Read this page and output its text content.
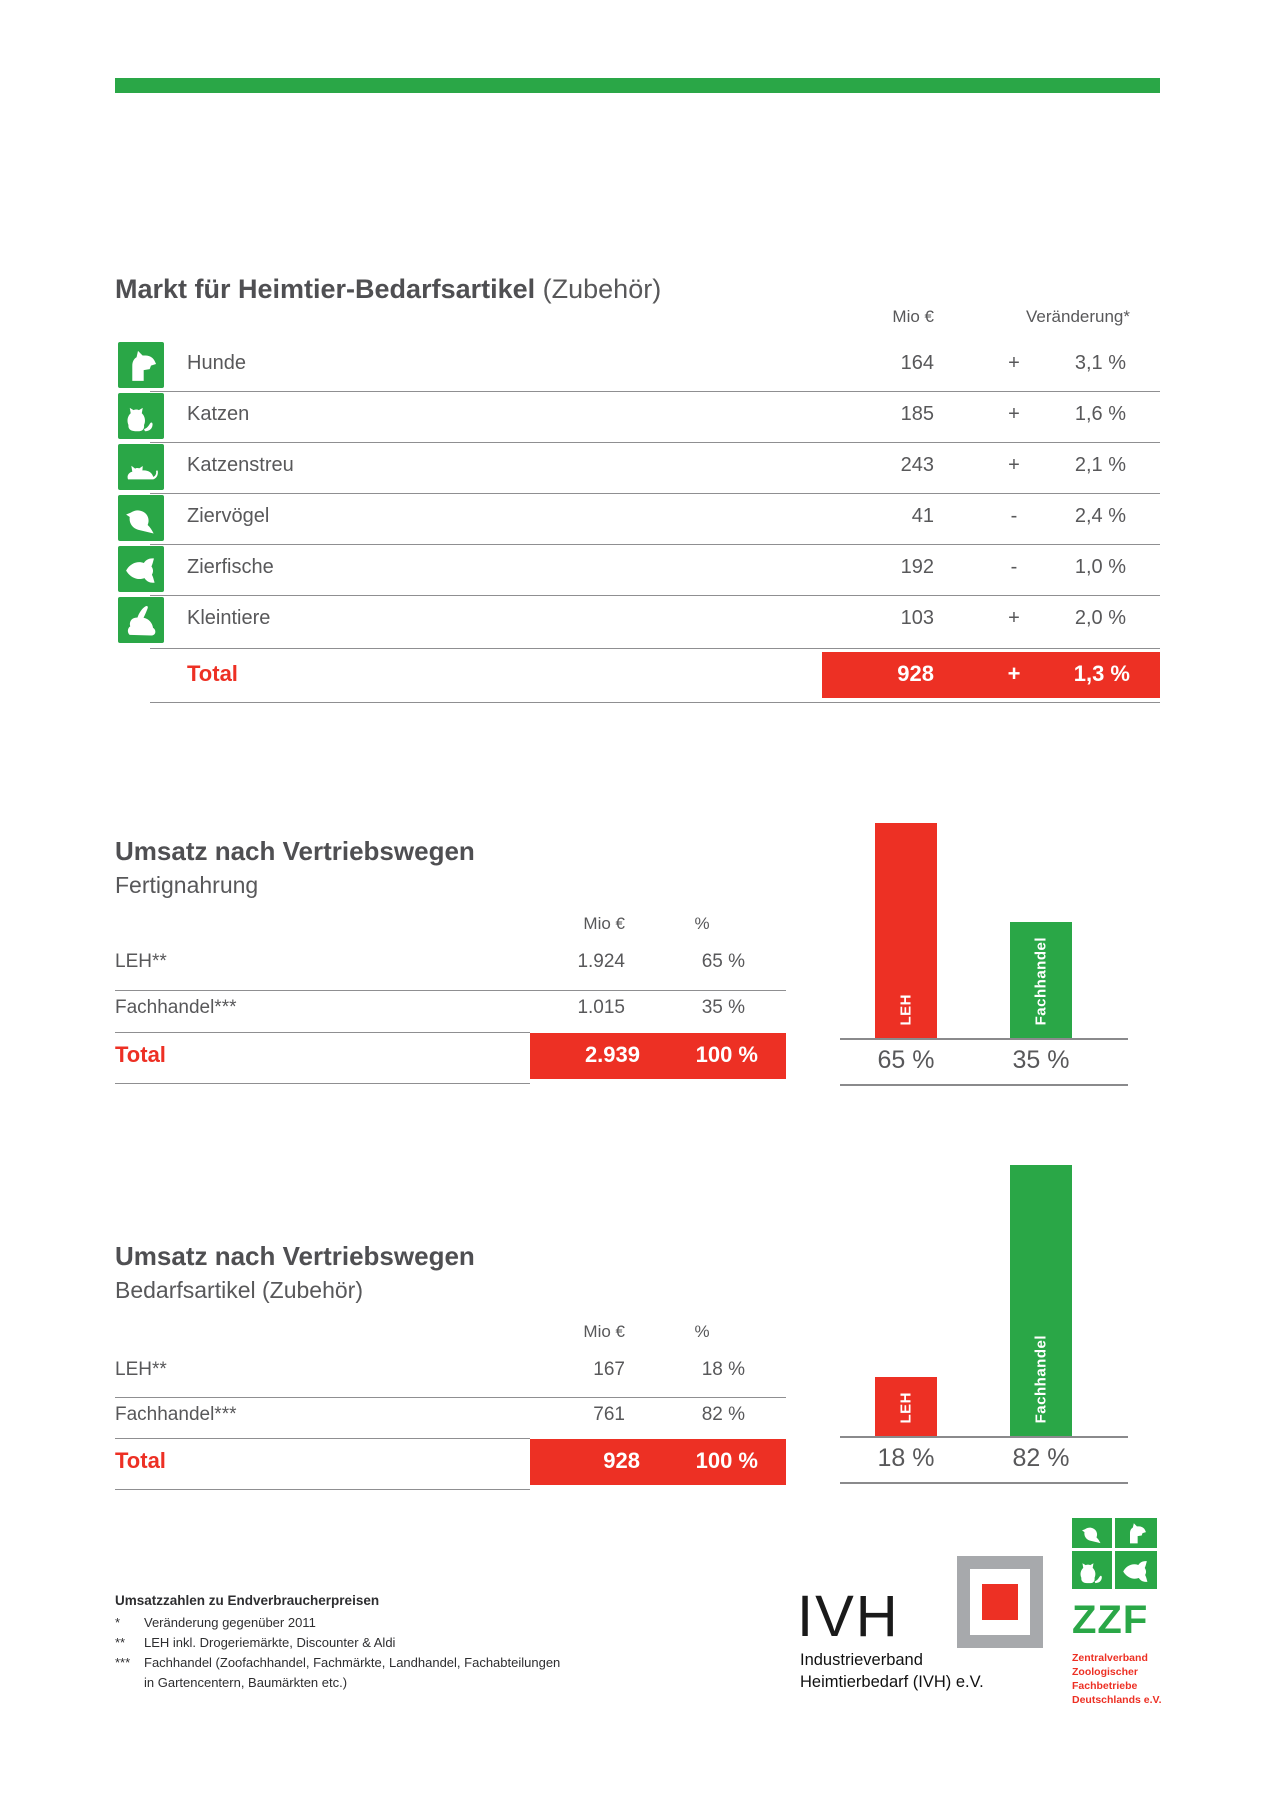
Markt für Heimtier-Bedarfsartikel (Zubehör)
Mio €	Veränderung*
Hunde	164	+	3,1 %
Katzen	185	+	1,6 %
Katzenstreu	243	+	2,1 %
Ziervögel	41	-	2,4 %
Zierfische	192	-	1,0 %
Kleintiere	103	+	2,0 %
Total	928	+	1,3 %
Umsatz nach Vertriebswegen
Fertignahrung
Mio €	%
LEH**	1.924	65 %
Fachhandel***	1.015	35 %
Total	2.939	100 %
LEH	Fachhandel
65 %	35 %
Umsatz nach Vertriebswegen
Bedarfsartikel (Zubehör)
Mio €	%
LEH**	167	18 %
Fachhandel***	761	82 %
Total	928	100 %
LEH	Fachhandel
18 %	82 %
Umsatzzahlen zu Endverbraucherpreisen
*	Veränderung gegenüber 2011
**	LEH inkl. Drogeriemärkte, Discounter & Aldi
***	Fachhandel (Zoofachhandel, Fachmärkte, Landhandel, Fachabteilungen
in Gartencentern, Baumärkten etc.)
IVH
Industrieverband
Heimtierbedarf (IVH) e.V.
ZZF
Zentralverband
Zoologischer
Fachbetriebe
Deutschlands e.V.
